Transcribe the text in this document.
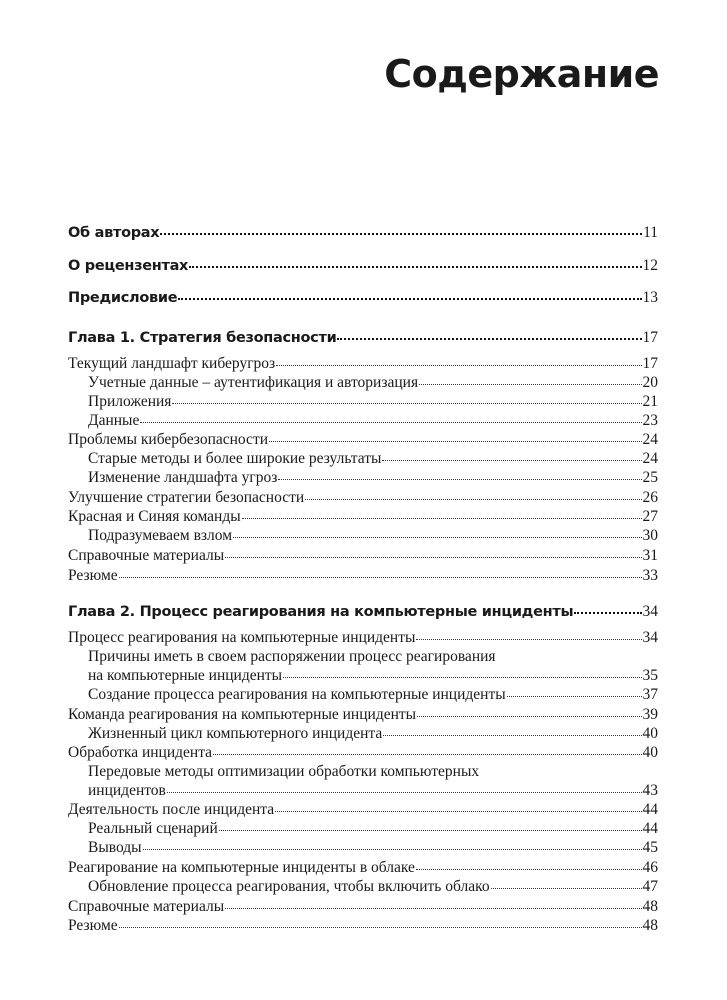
Содержание
Об авторах	11
О рецензентах	12
Предисловие	13
Глава 1. Стратегия безопасности	17
Текущий ландшафт киберугроз	17
Учетные данные – аутентификация и авторизация	20
Приложения	21
Данные	23
Проблемы кибербезопасности	24
Старые методы и более широкие результаты	24
Изменение ландшафта угроз	25
Улучшение стратегии безопасности	26
Красная и Синяя команды	27
Подразумеваем взлом	30
Справочные материалы	31
Резюме	33
Глава 2. Процесс реагирования на компьютерные инциденты	34
Процесс реагирования на компьютерные инциденты	34
Причины иметь в своем распоряжении процесс реагирования
на компьютерные инциденты	35
Создание процесса реагирования на компьютерные инциденты	37
Команда реагирования на компьютерные инциденты	39
Жизненный цикл компьютерного инцидента	40
Обработка инцидента	40
Передовые методы оптимизации обработки компьютерных
инцидентов	43
Деятельность после инцидента	44
Реальный сценарий	44
Выводы	45
Реагирование на компьютерные инциденты в облаке	46
Обновление процесса реагирования, чтобы включить облако	47
Справочные материалы	48
Резюме	48
